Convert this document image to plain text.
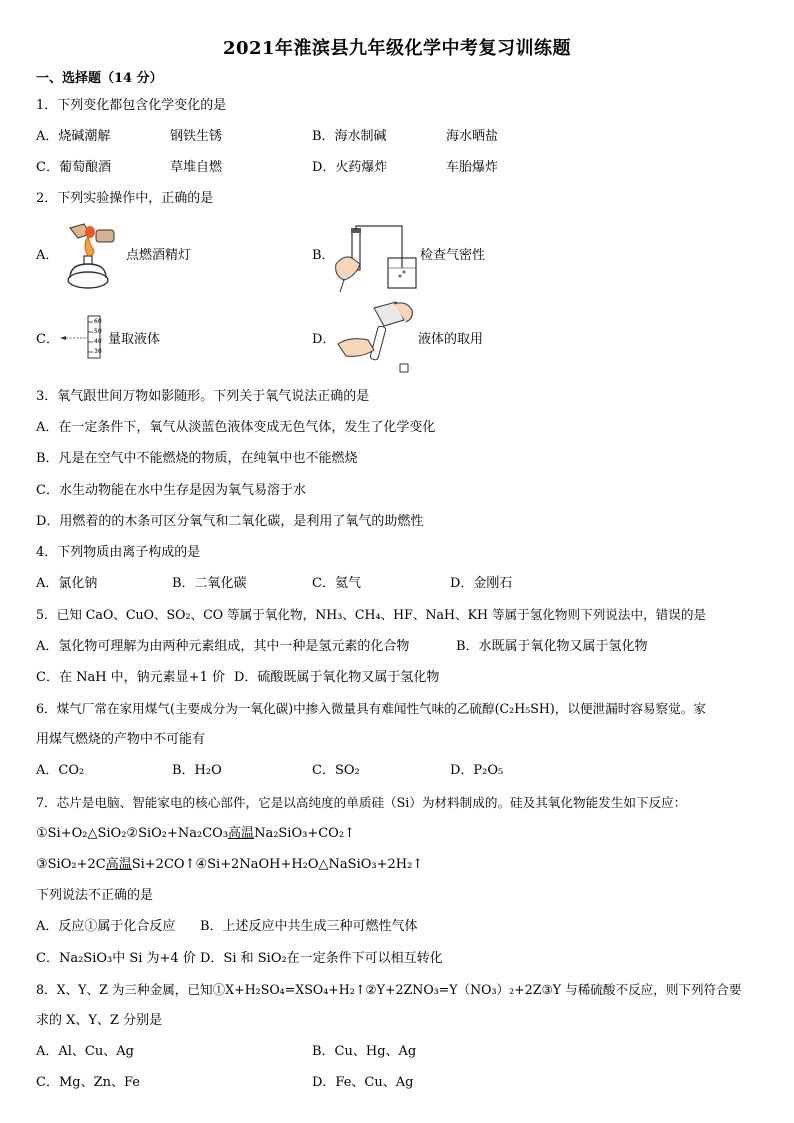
2021年淮滨县九年级化学中考复习训练题
一、选择题（14 分）
1．下列变化都包含化学变化的是
A．烧碱潮解	钢铁生锈	B．海水制碱	海水晒盐
C．葡萄酿酒	草堆自燃	D．火药爆炸	车胎爆炸
2．下列实验操作中，正确的是
A．	点燃酒精灯	B．	检查气密性
C．
60
50
40
30
量取液体	D．	液体的取用
3．氧气跟世间万物如影随形。下列关于氧气说法正确的是
A．在一定条件下，氧气从淡蓝色液体变成无色气体，发生了化学变化
B．凡是在空气中不能燃烧的物质，在纯氧中也不能燃烧
C．水生动物能在水中生存是因为氧气易溶于水
D．用燃着的的木条可区分氧气和二氧化碳，是利用了氧气的助燃性
4．下列物质由离子构成的是
A．氯化钠	B．二氧化碳	C．氦气	D．金刚石
5．已知 CaO、CuO、SO₂、CO 等属于氧化物，NH₃、CH₄、HF、NaH、KH 等属于氢化物则下列说法中，错误的是
A．氢化物可理解为由两种元素组成，其中一种是氢元素的化合物	B．水既属于氧化物又属于氢化物
C．在 NaH 中，钠元素显+1 价 D．硫酸既属于氧化物又属于氢化物
6．煤气厂常在家用煤气(主要成分为一氧化碳)中掺入微量具有难闻性气味的乙硫醇(C₂H₅SH)，以便泄漏时容易察觉。家
用煤气燃烧的产物中不可能有
A．CO₂	B．H₂O	C．SO₂	D．P₂O₅
7．芯片是电脑、智能家电的核心部件，它是以高纯度的单质硅（Si）为材料制成的。硅及其氧化物能发生如下反应：
①Si+O₂△SiO₂②SiO₂+Na₂CO₃高温Na₂SiO₃+CO₂↑
③SiO₂+2C高温Si+2CO↑④Si+2NaOH+H₂O△NaSiO₃+2H₂↑
下列说法不正确的是
A．反应①属于化合反应 B．上述反应中共生成三种可燃性气体
C．Na₂SiO₃中 Si 为+4 价 D．Si 和 SiO₂在一定条件下可以相互转化
8．X、Y、Z 为三种金属，已知①X+H₂SO₄=XSO₄+H₂↑②Y+2ZNO₃=Y（NO₃）₂+2Z③Y 与稀硫酸不反应，则下列符合要
求的 X、Y、Z 分别是
A．Al、Cu、Ag	B．Cu、Hg、Ag
C．Mg、Zn、Fe	D．Fe、Cu、Ag
